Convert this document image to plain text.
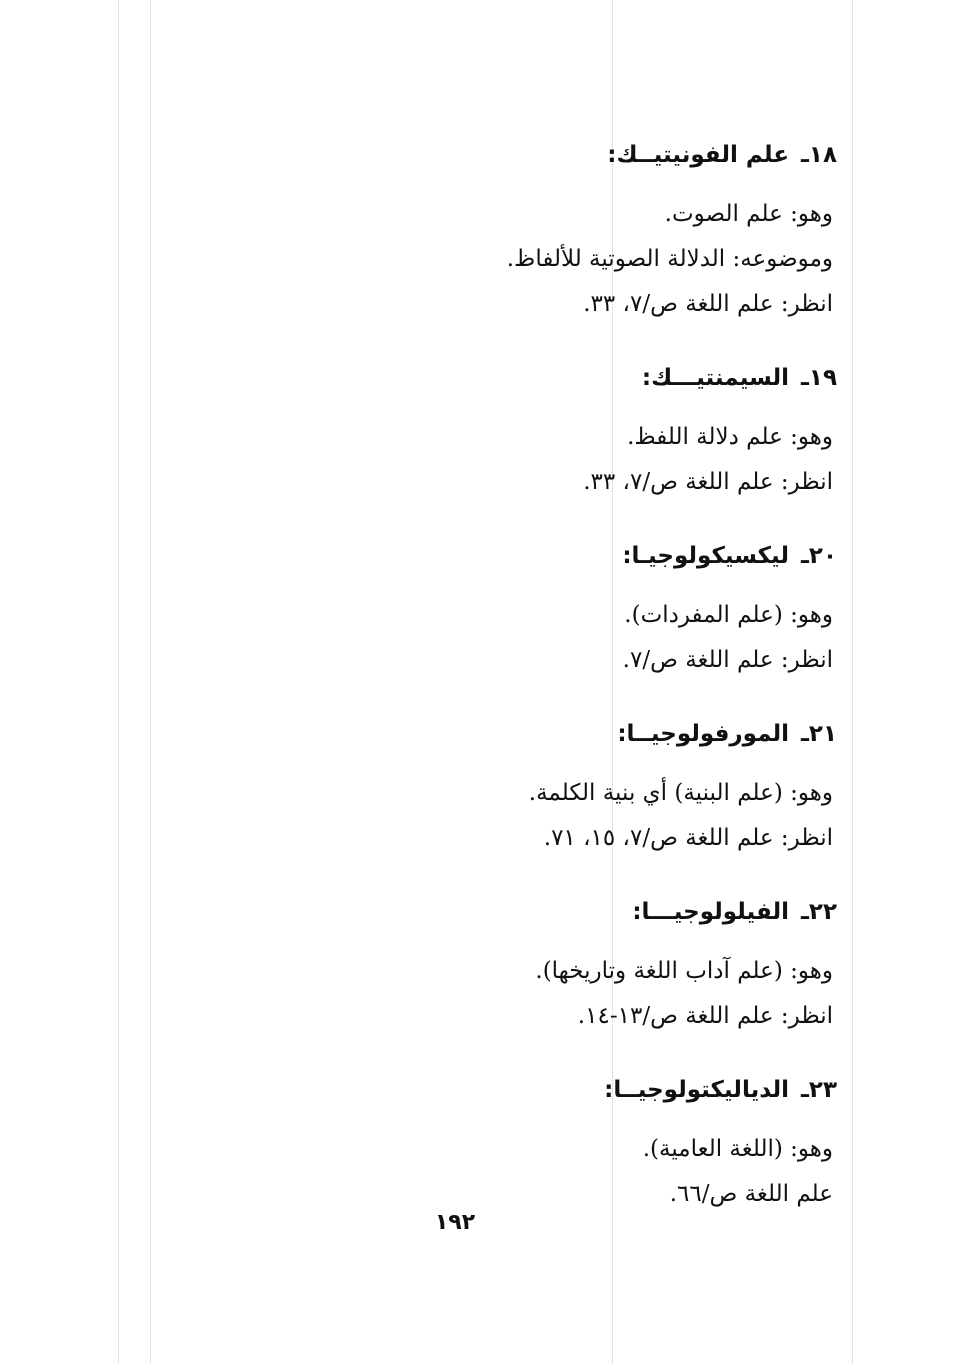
١٨ـ علم الفونيتيــك:
وهو: علم الصوت.
وموضوعه: الدلالة الصوتية للألفاظ.
انظر: علم اللغة ص/٧، ٣٣.
١٩ـ السيمنتيـــك:
وهو: علم دلالة اللفظ.
انظر: علم اللغة ص/٧، ٣٣.
٢٠ـ ليكسيكولوجيـا:
وهو: (علم المفردات).
انظر: علم اللغة ص/٧.
٢١ـ المورفولوجيــا:
وهو: (علم البنية) أي بنية الكلمة.
انظر: علم اللغة ص/٧، ١٥، ٧١.
٢٢ـ الفيلولوجيـــا:
وهو: (علم آداب اللغة وتاريخها).
انظر: علم اللغة ص/١٣-١٤.
٢٣ـ الدياليكتولوجيــا:
وهو: (اللغة العامية).
علم اللغة ص/٦٦.
١٩٢
